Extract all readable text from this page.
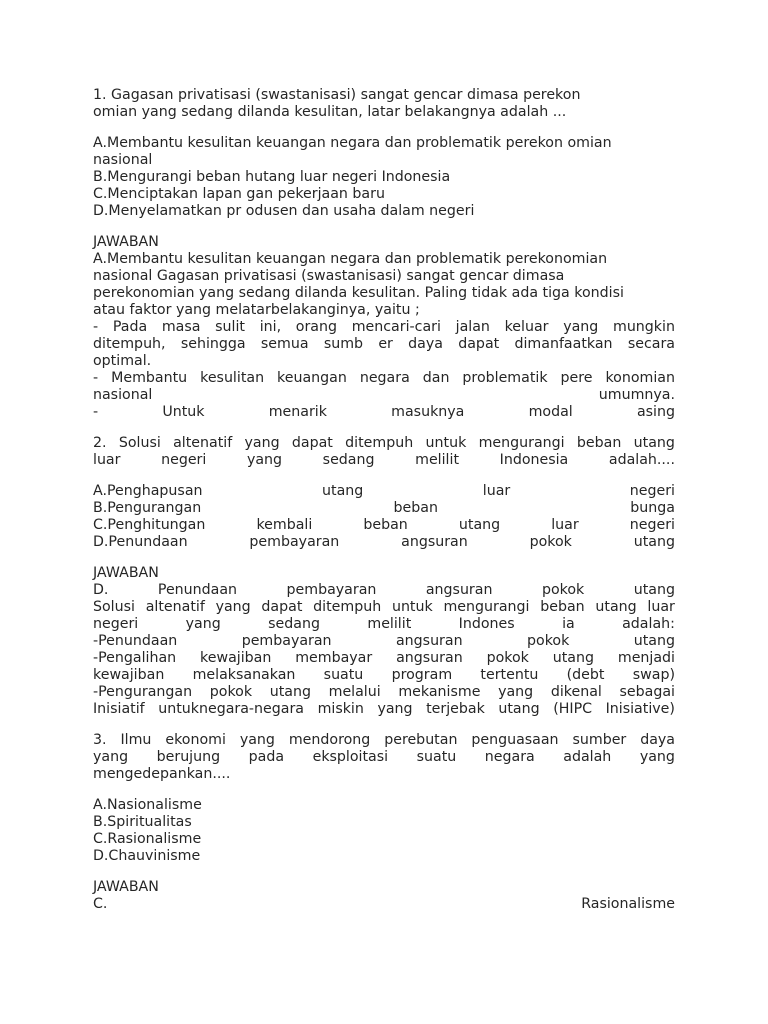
1. Gagasan privatisasi (swastanisasi) sangat gencar dimasa perekon
omian yang sedang dilanda kesulitan, latar belakangnya adalah ...
A.Membantu kesulitan keuangan negara dan problematik perekon omian
nasional
B.Mengurangi beban hutang luar negeri Indonesia
C.Menciptakan lapan gan pekerjaan baru
D.Menyelamatkan pr odusen dan usaha dalam negeri
JAWABAN
A.Membantu kesulitan keuangan negara dan problematik perekonomian
nasional Gagasan privatisasi (swastanisasi) sangat gencar dimasa
perekonomian yang sedang dilanda kesulitan. Paling tidak ada tiga kondisi
atau faktor yang melatarbelakanginya, yaitu ;
- Pada masa sulit ini, orang mencari-cari jalan keluar yang mungkin
ditempuh, sehingga semua sumb er daya dapat dimanfaatkan secara
optimal.
- Membantu kesulitan keuangan negara dan problematik pere konomian
nasional	umumnya.
-	Untuk	menarik	masuknya	modal	asing
2. Solusi altenatif yang dapat ditempuh untuk mengurangi beban utang
luar	negeri	yang	sedang	melilit	Indonesia	adalah....
A.Penghapusan	utang	luar	negeri
B.Pengurangan	beban	bunga
C.Penghitungan	kembali	beban	utang	luar	negeri
D.Penundaan	pembayaran	angsuran	pokok	utang
JAWABAN
D.	Penundaan	pembayaran	angsuran	pokok	utang
Solusi altenatif yang dapat ditempuh untuk mengurangi beban utang luar
negeri	yang	sedang	melilit	Indones	ia	adalah:
-Penundaan	pembayaran	angsuran	pokok	utang
-Pengalihan kewajiban membayar angsuran pokok utang menjadi
kewajiban melaksanakan suatu program tertentu (debt swap)
-Pengurangan pokok utang melalui mekanisme yang dikenal sebagai
Inisiatif untuknegara-negara miskin yang terjebak utang (HIPC Inisiative)
3. Ilmu ekonomi yang mendorong perebutan penguasaan sumber daya
yang berujung pada eksploitasi suatu negara adalah yang
mengedepankan....
A.Nasionalisme
B.Spiritualitas
C.Rasionalisme
D.Chauvinisme
JAWABAN
C.	Rasionalisme
